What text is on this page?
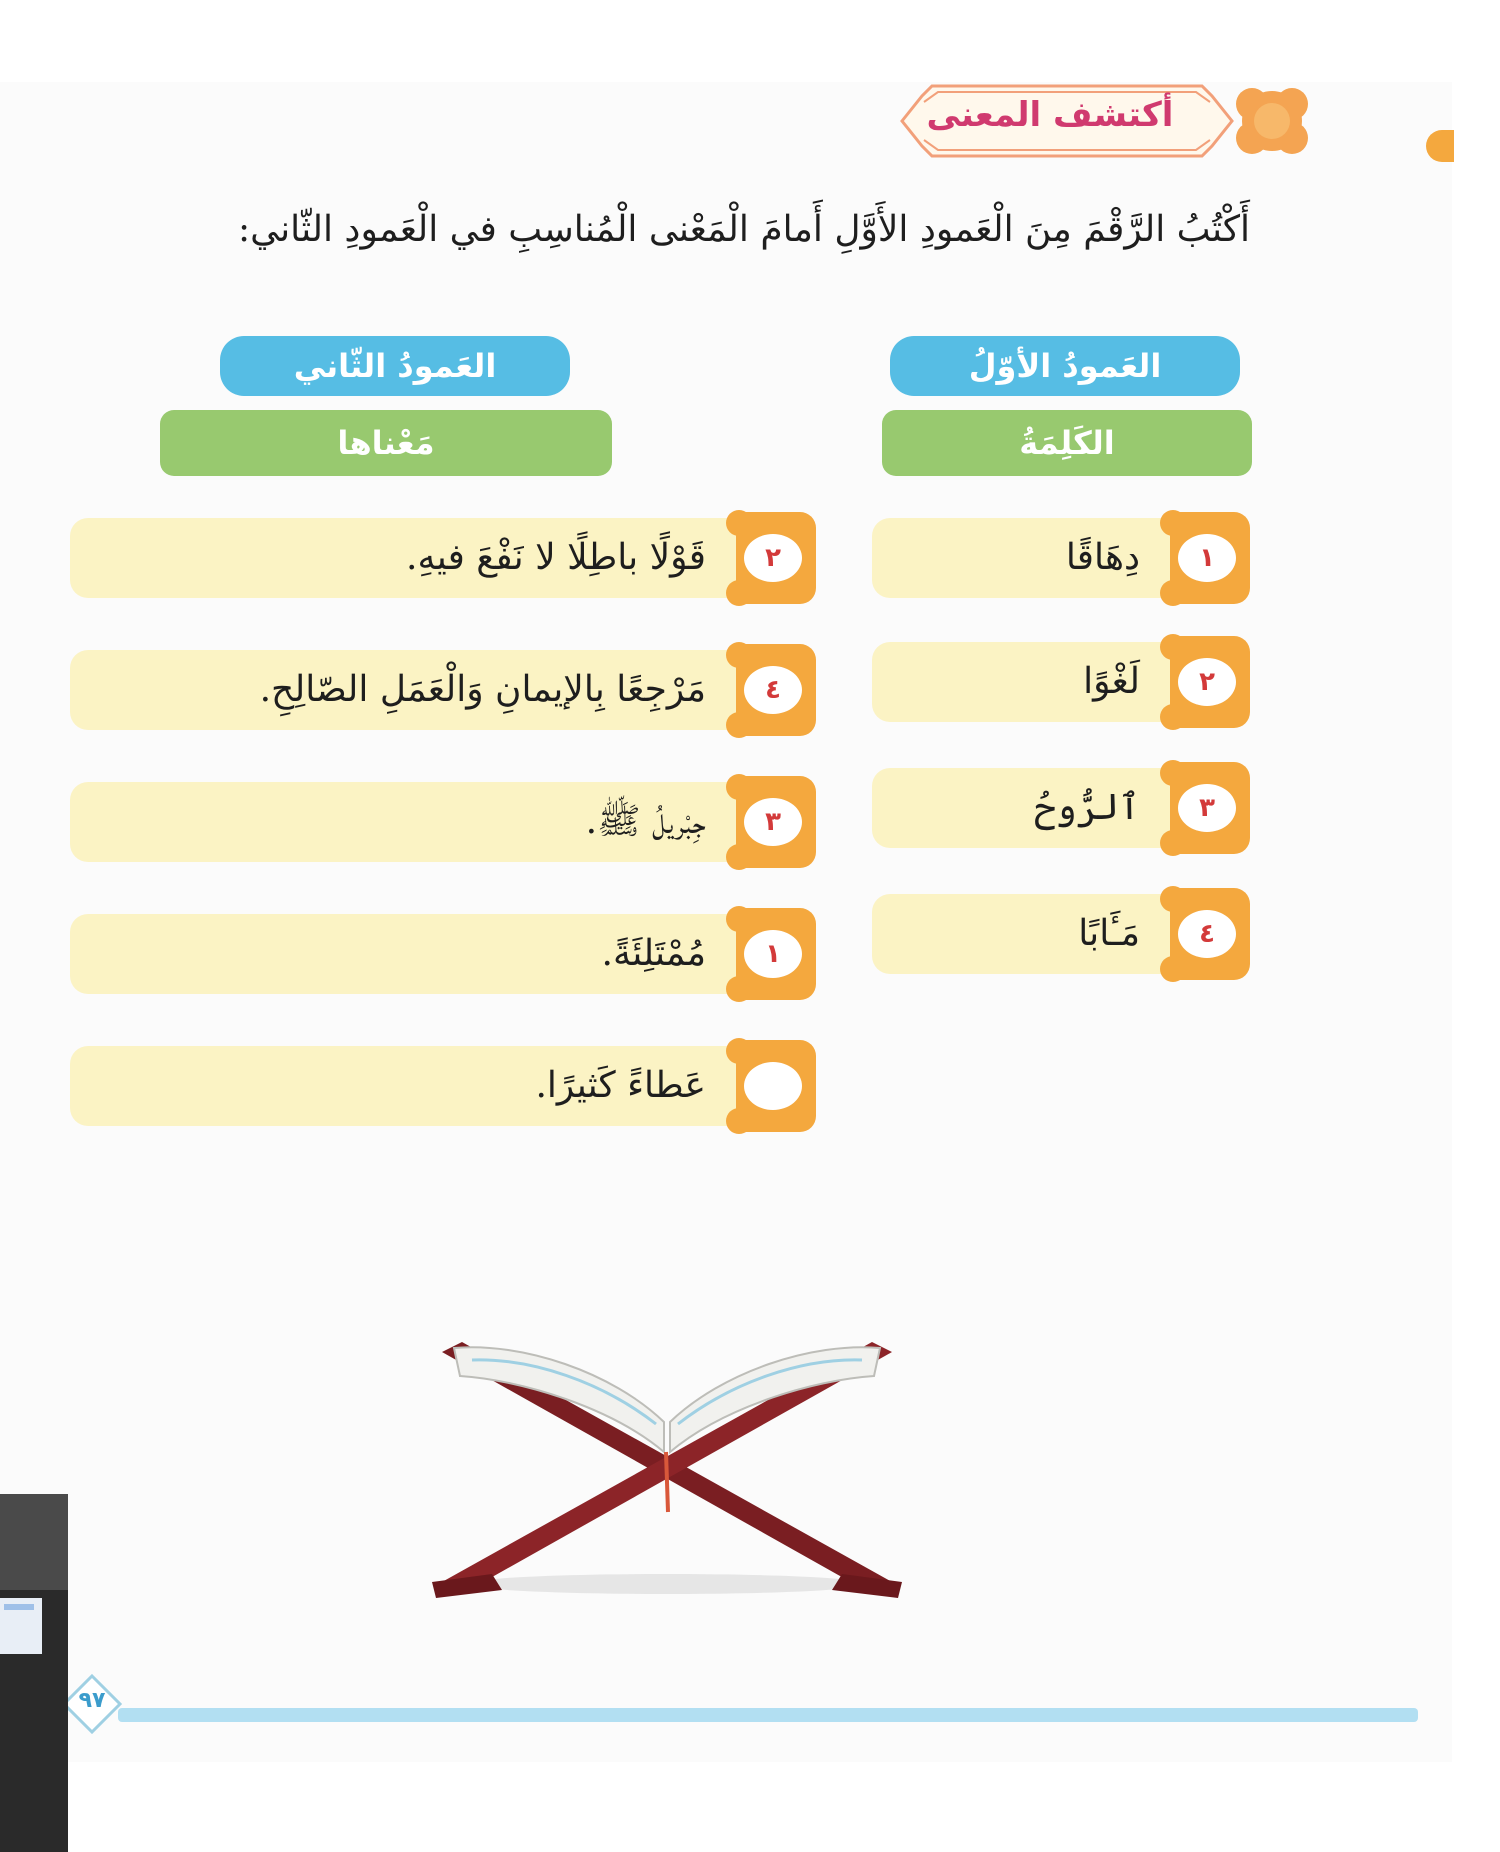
أكتشف المعنى
أَكْتُبُ الرَّقْمَ مِنَ الْعَمودِ الأَوَّلِ أَمامَ الْمَعْنى الْمُناسِبِ في الْعَمودِ الثّاني:
العَمودُ الأوّلُ
العَمودُ الثّاني
الكَلِمَةُ
مَعْناها
١
دِهَاقًا
٢
لَغْوًا
٣
ٱلرُّوحُ
٤
مَـَٔابًا
٢
قَوْلًا باطِلًا لا نَفْعَ فيهِ.
٤
مَرْجِعًا بِالإيمانِ وَالْعَمَلِ الصّالِحِ.
٣
جِبْريلُ ﷺ.
١
مُمْتَلِئَةً.
عَطاءً كَثيرًا.
٩٧
